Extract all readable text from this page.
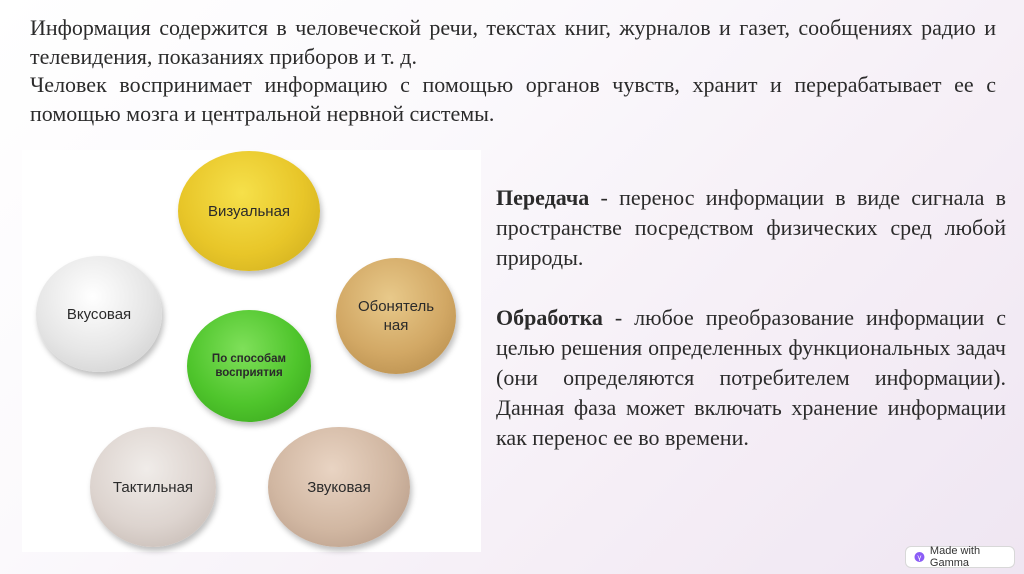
Информация содержится в человеческой речи, текстах книг, журналов и газет, сообщениях радио и телевидения, показаниях приборов и т. д.

Человек воспринимает информацию с помощью органов чувств, хранит и перерабатывает ее с помощью мозга и центральной нервной системы.

Визуальная
Обонятель ная
Вкусовая
По способам восприятия
Тактильная	Звуковая

Передача - перенос информации в виде сигнала в пространстве посредством физических сред любой природы.

Обработка - любое преобразование информации с целью решения определенных функциональных задач (они определяются потребителем информации). Данная фаза может включать хранение информации как перенос ее во времени.

γ
Made with Gamma
